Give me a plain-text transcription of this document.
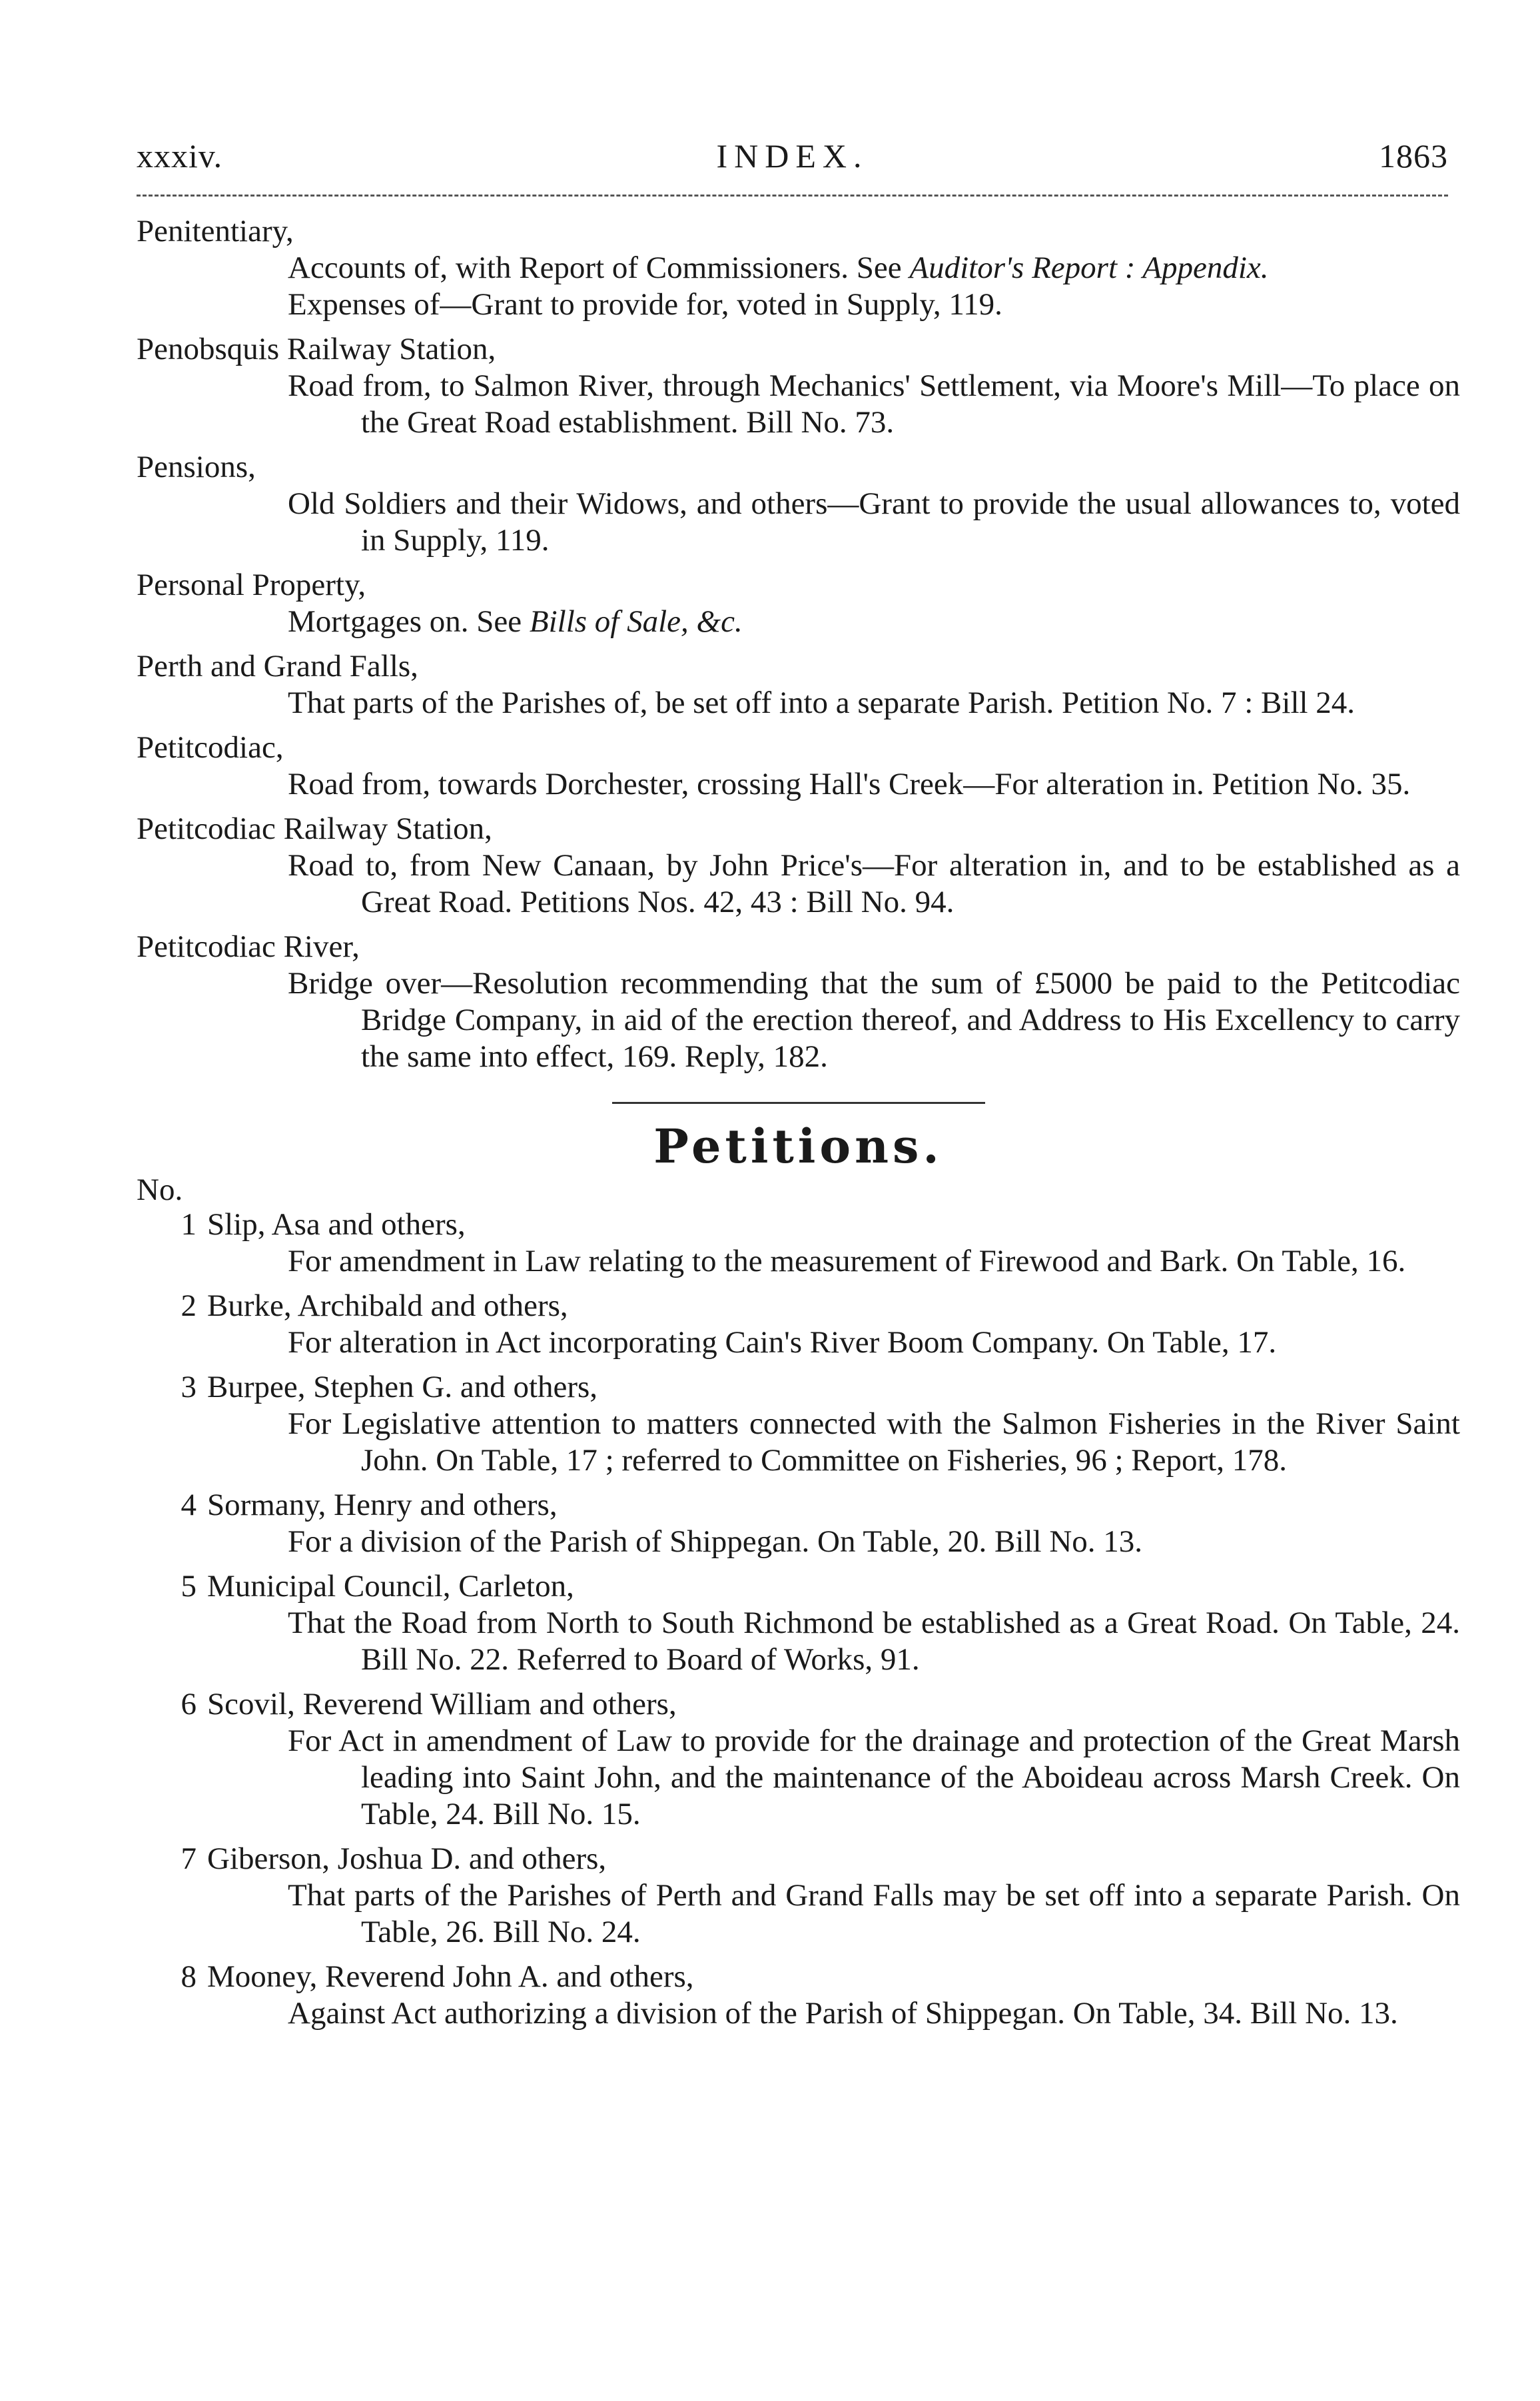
xxxiv.	INDEX.	1863
Penitentiary,

Accounts of, with Report of Commissioners. See Auditor's Report : Appendix.

Expenses of—Grant to provide for, voted in Supply, 119.

Penobsquis Railway Station,

Road from, to Salmon River, through Mechanics' Settlement, via Moore's Mill—To place on the Great Road establishment. Bill No. 73.

Pensions,

Old Soldiers and their Widows, and others—Grant to provide the usual allowances to, voted in Supply, 119.

Personal Property,

Mortgages on. See Bills of Sale, &c.

Perth and Grand Falls,

That parts of the Parishes of, be set off into a separate Parish. Petition No. 7 : Bill 24.

Petitcodiac,

Road from, towards Dorchester, crossing Hall's Creek—For alteration in. Petition No. 35.

Petitcodiac Railway Station,

Road to, from New Canaan, by John Price's—For alteration in, and to be established as a Great Road. Petitions Nos. 42, 43 : Bill No. 94.

Petitcodiac River,

Bridge over—Resolution recommending that the sum of £5000 be paid to the Petitcodiac Bridge Company, in aid of the erection thereof, and Address to His Excellency to carry the same into effect, 169. Reply, 182.

Petitions.

No.

1 Slip, Asa and others,

For amendment in Law relating to the measurement of Firewood and Bark. On Table, 16.

2 Burke, Archibald and others,

For alteration in Act incorporating Cain's River Boom Company. On Table, 17.

3 Burpee, Stephen G. and others,

For Legislative attention to matters connected with the Salmon Fisheries in the River Saint John. On Table, 17 ; referred to Committee on Fisheries, 96 ; Report, 178.

4 Sormany, Henry and others,

For a division of the Parish of Shippegan. On Table, 20. Bill No. 13.

5 Municipal Council, Carleton,

That the Road from North to South Richmond be established as a Great Road. On Table, 24. Bill No. 22. Referred to Board of Works, 91.

6 Scovil, Reverend William and others,

For Act in amendment of Law to provide for the drainage and protection of the Great Marsh leading into Saint John, and the maintenance of the Aboideau across Marsh Creek. On Table, 24. Bill No. 15.

7 Giberson, Joshua D. and others,

That parts of the Parishes of Perth and Grand Falls may be set off into a separate Parish. On Table, 26. Bill No. 24.

8 Mooney, Reverend John A. and others,

Against Act authorizing a division of the Parish of Shippegan. On Table, 34. Bill No. 13.
